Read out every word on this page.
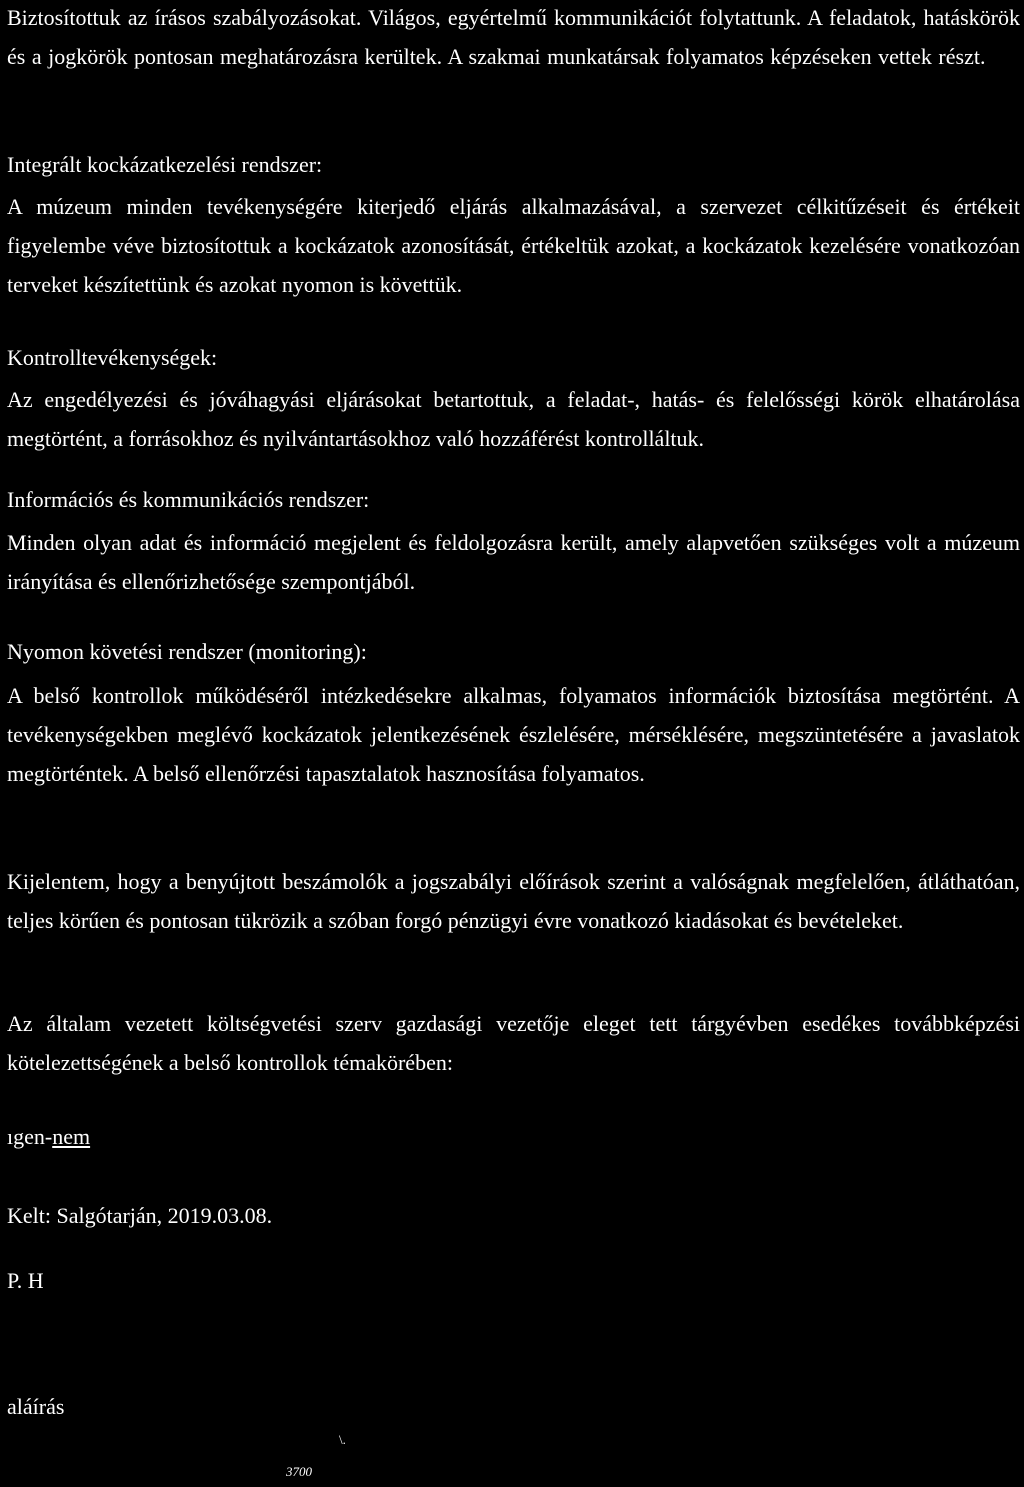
Biztosítottuk az írásos szabályozásokat. Világos, egyértelmű kommunikációt folytattunk. A feladatok, hatáskörök és a jogkörök pontosan meghatározásra kerültek. A szakmai munkatársak folyamatos képzéseken vettek részt.

Integrált kockázatkezelési rendszer:

A múzeum minden tevékenységére kiterjedő eljárás alkalmazásával, a szervezet célkitűzéseit és értékeit figyelembe véve biztosítottuk a kockázatok azonosítását, értékeltük azokat, a kockázatok kezelésére vonatkozóan terveket készítettünk és azokat nyomon is követtük.

Kontrolltevékenységek:

Az engedélyezési és jóváhagyási eljárásokat betartottuk, a feladat-, hatás- és felelősségi körök elhatárolása megtörtént, a forrásokhoz és nyilvántartásokhoz való hozzáférést kontrolláltuk.

Információs és kommunikációs rendszer:

Minden olyan adat és információ megjelent és feldolgozásra került, amely alapvetően szükséges volt a múzeum irányítása és ellenőrizhetősége szempontjából.

Nyomon követési rendszer (monitoring):

A belső kontrollok működéséről intézkedésekre alkalmas, folyamatos információk biztosítása megtörtént. A tevékenységekben meglévő kockázatok jelentkezésének észlelésére, mérséklésére, megszüntetésére a javaslatok megtörténtek. A belső ellenőrzési tapasztalatok hasznosítása folyamatos.

Kijelentem, hogy a benyújtott beszámolók a jogszabályi előírások szerint a valóságnak megfelelően, átláthatóan, teljes körűen és pontosan tükrözik a szóban forgó pénzügyi évre vonatkozó kiadásokat és bevételeket.

Az általam vezetett költségvetési szerv gazdasági vezetője eleget tett tárgyévben esedékes továbbképzési kötelezettségének a belső kontrollok témakörében:

ıgen-nem

Kelt: Salgótarján, 2019.03.08.

P. H

aláírás

\.
3700
